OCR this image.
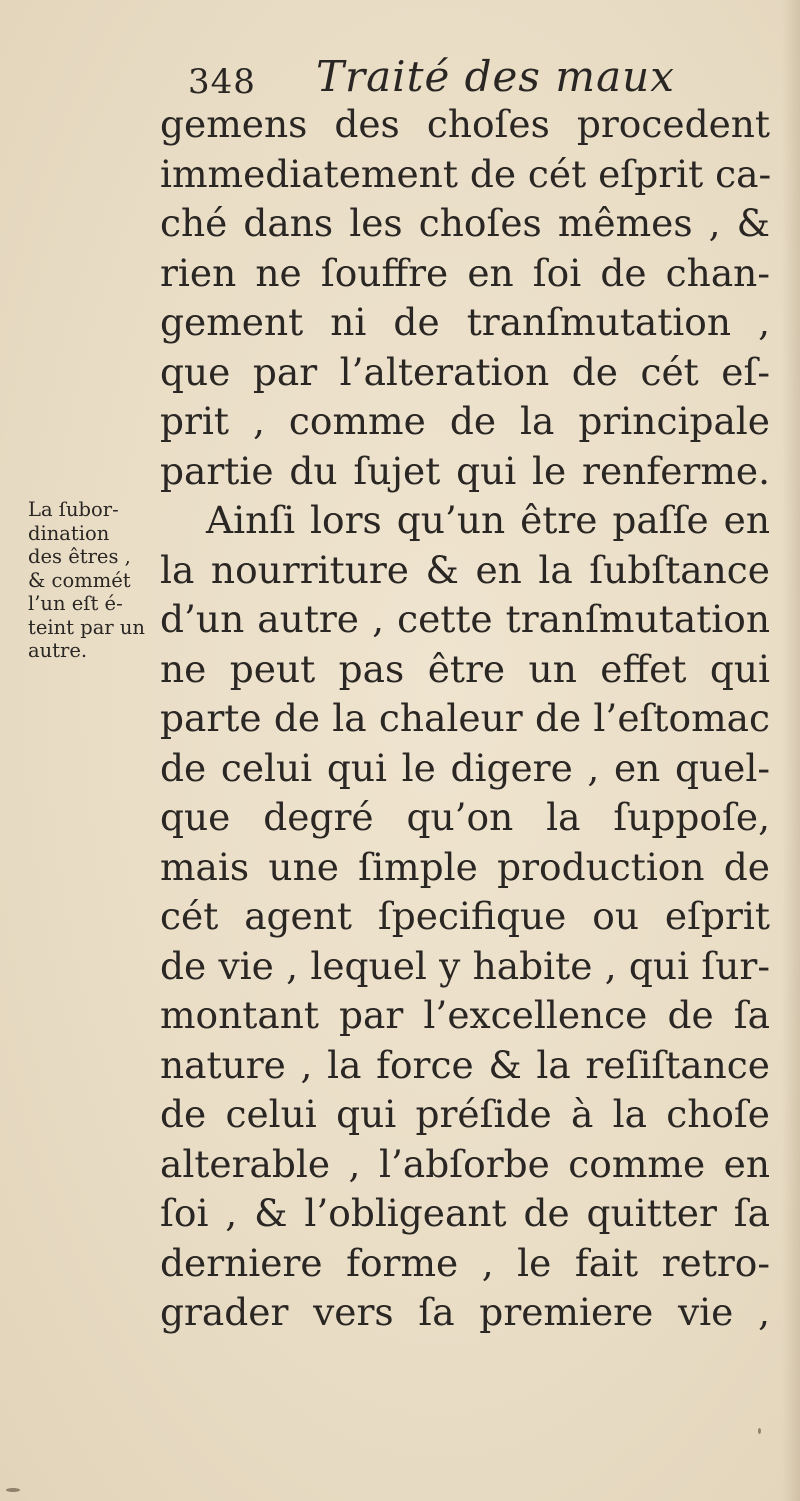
348 Traité des maux
La ſubor-
dination
des êtres ,
& commét
l’un eſt é-
teint par un
autre.
gemens des choſes procedent
immediatement de cét eſprit ca-
ché dans les choſes mêmes , &
rien ne ſouffre en ſoi de chan-
gement ni de tranſmutation ,
que par l’alteration de cét eſ-
prit , comme de la principale
partie du ſujet qui le renferme.
Ainſi lors qu’un être paſſe en
la nourriture & en la ſubſtance
d’un autre , cette tranſmutation
ne peut pas être un effet qui
parte de la chaleur de l’eſtomac
de celui qui le digere , en quel-
que degré qu’on la ſuppoſe,
mais une ſimple production de
cét agent ſpecifique ou eſprit
de vie , lequel y habite , qui ſur-
montant par l’excellence de ſa
nature , la force & la reſiſtance
de celui qui préſide à la choſe
alterable , l’abſorbe comme en
ſoi , & l’obligeant de quitter ſa
derniere forme , le fait retro-
grader vers ſa premiere vie ,
